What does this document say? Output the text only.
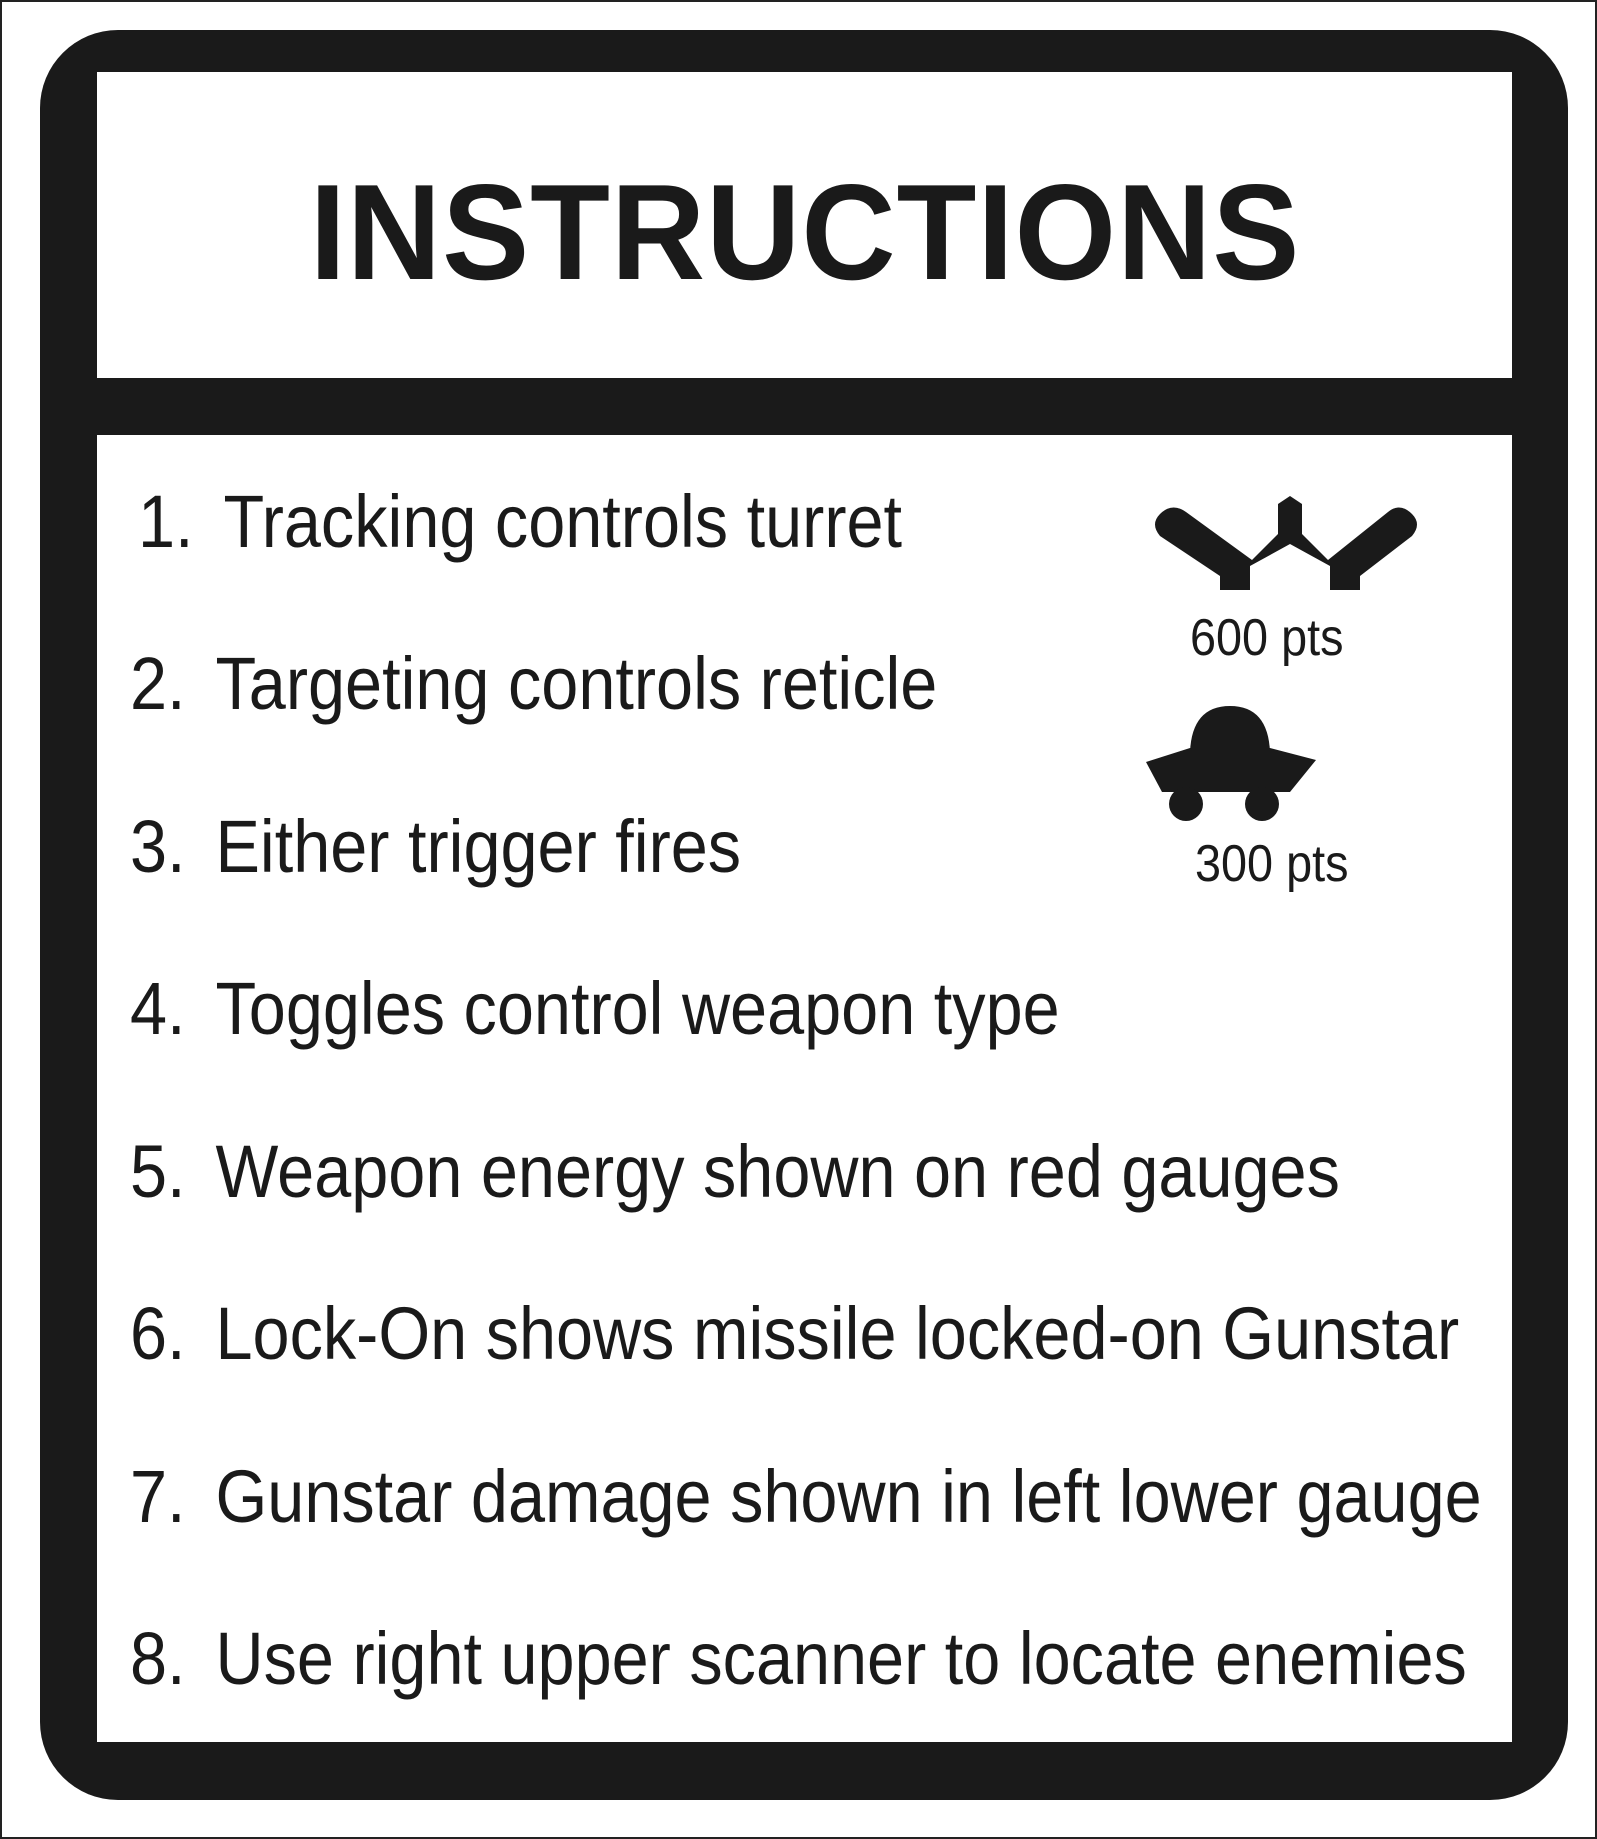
INSTRUCTIONS
1. Tracking controls turret
2. Targeting controls reticle
3. Either trigger fires
4. Toggles control weapon type
5. Weapon energy shown on red gauges
6. Lock-On shows missile locked-on Gunstar
7. Gunstar damage shown in left lower gauge
8. Use right upper scanner to locate enemies
600 pts
300 pts
